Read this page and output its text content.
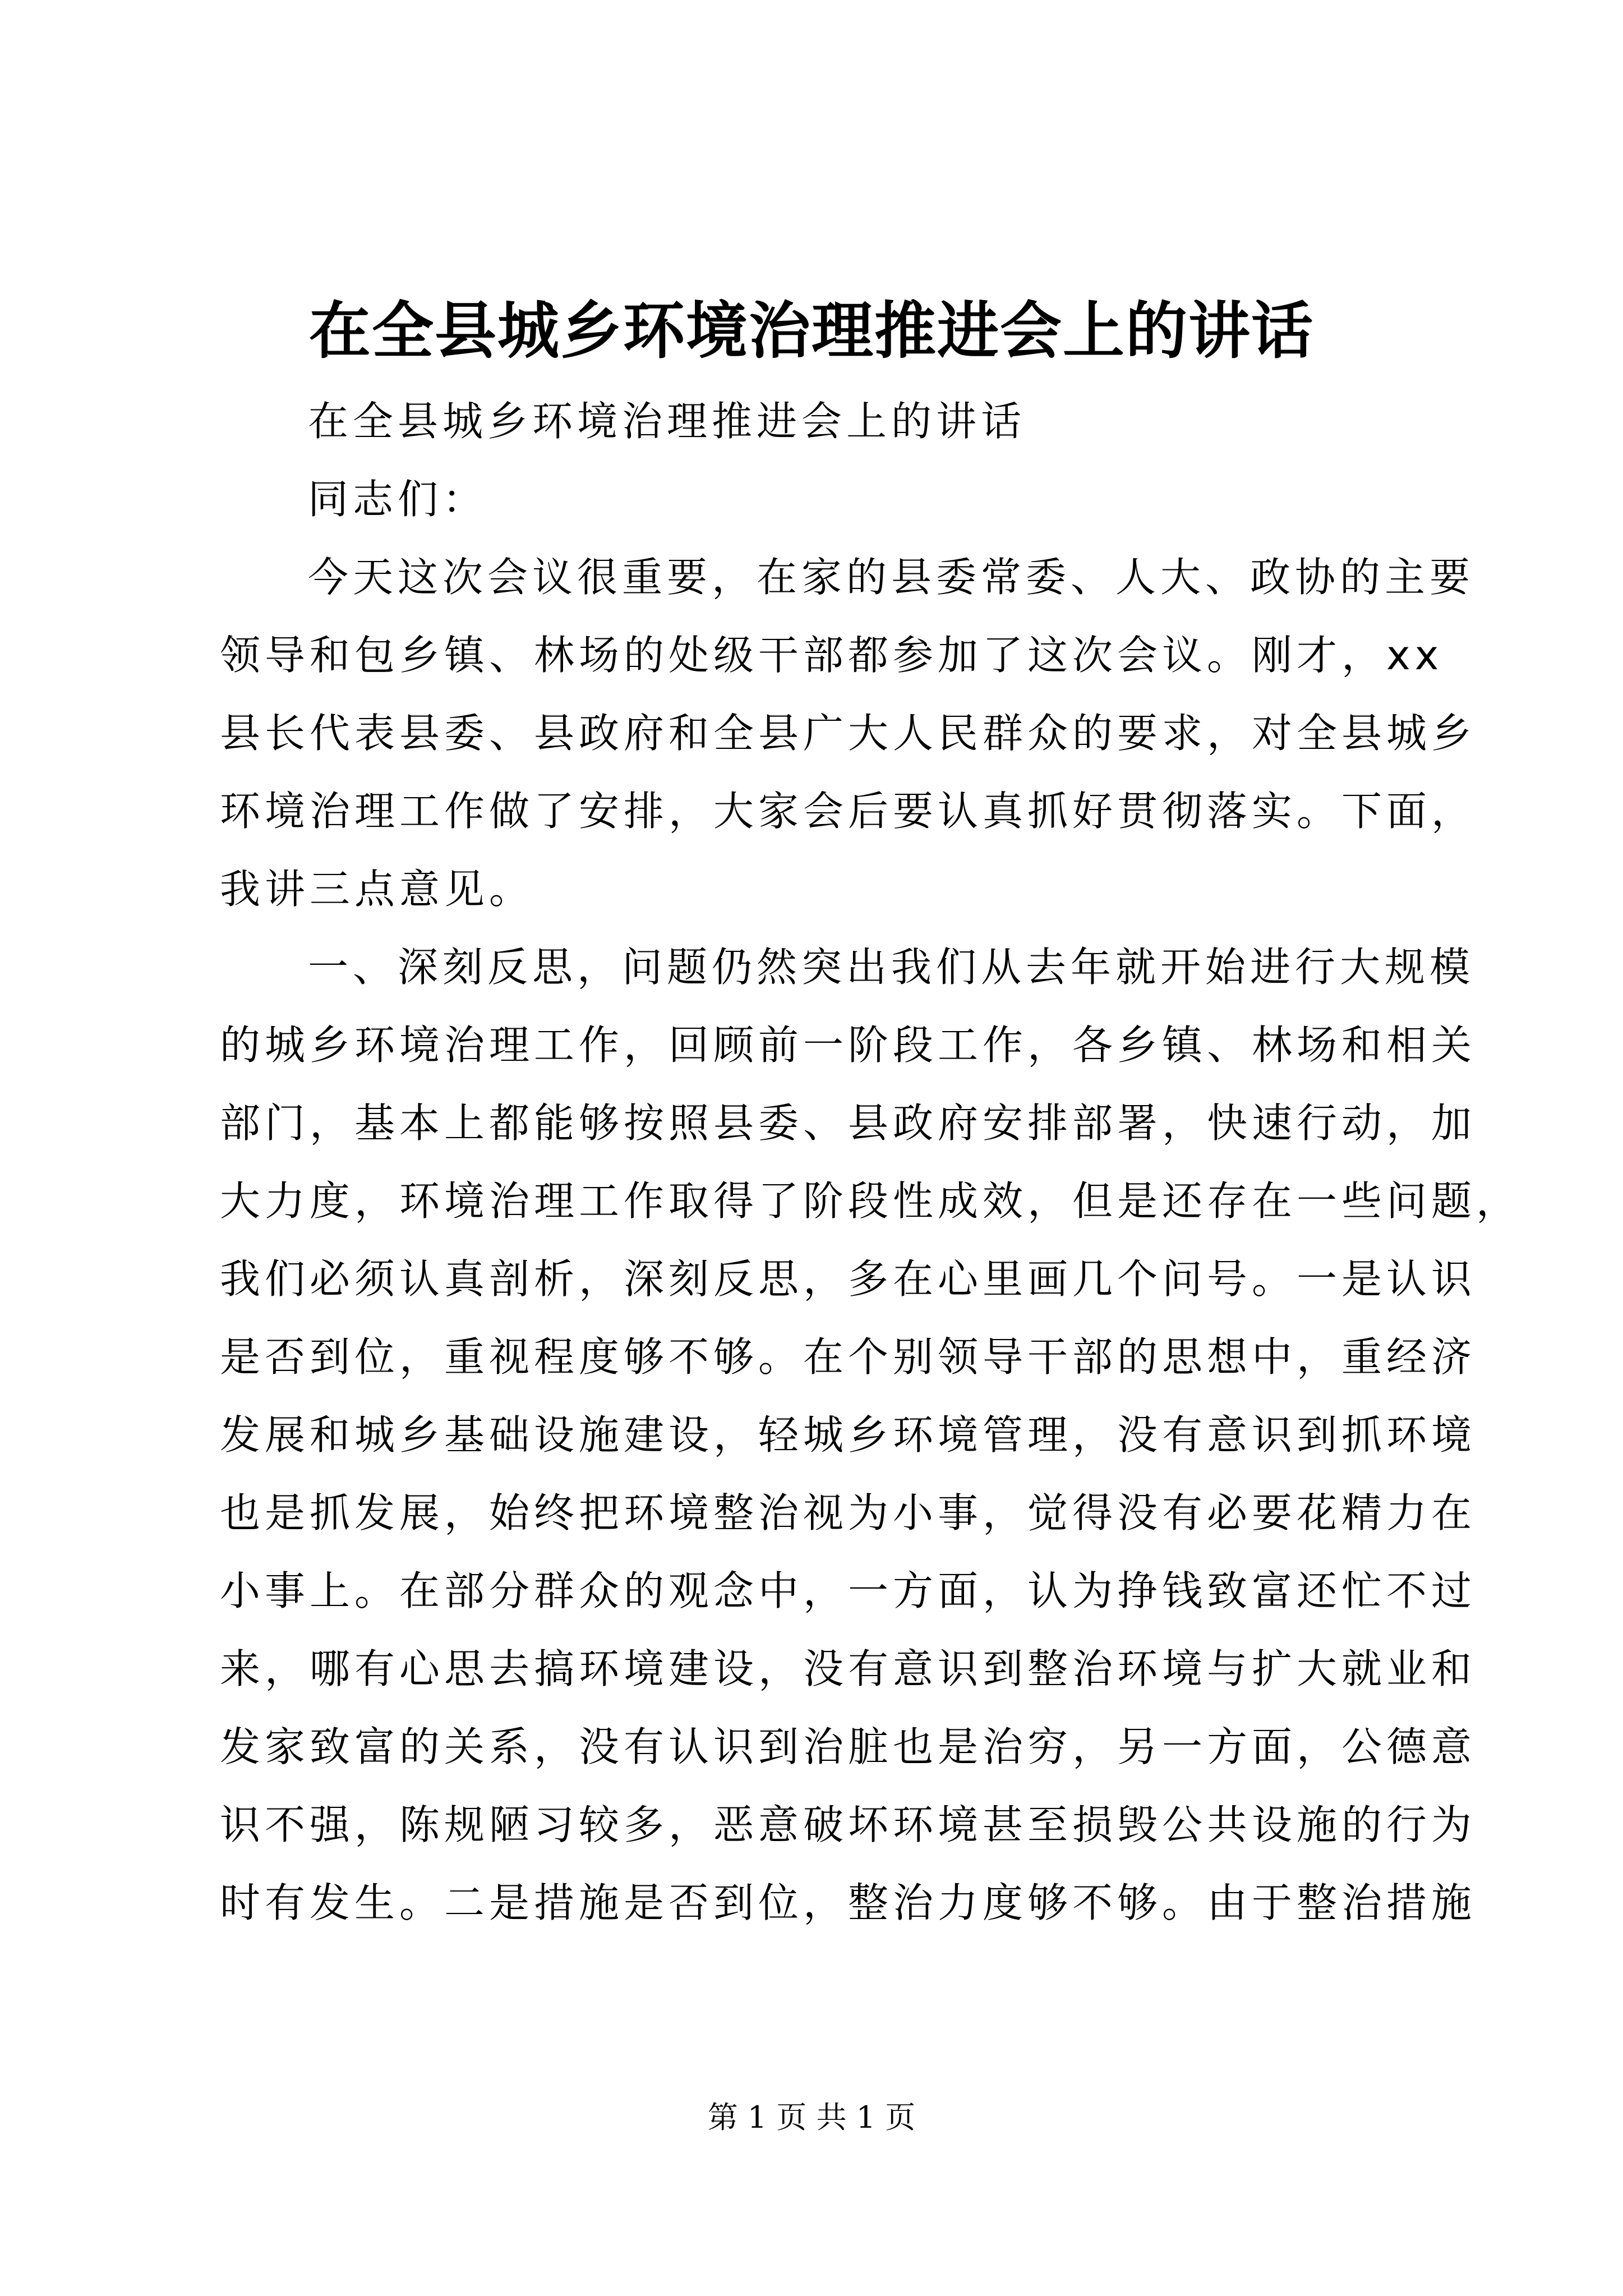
在全县城乡环境治理推进会上的讲话
在全县城乡环境治理推进会上的讲话
同志们：
今天这次会议很重要，在家的县委常委、人大、政协的主要
领导和包乡镇、林场的处级干部都参加了这次会议。刚才，xx
县长代表县委、县政府和全县广大人民群众的要求，对全县城乡
环境治理工作做了安排，大家会后要认真抓好贯彻落实。下面，
我讲三点意见。
一、深刻反思，问题仍然突出我们从去年就开始进行大规模
的城乡环境治理工作，回顾前一阶段工作，各乡镇、林场和相关
部门，基本上都能够按照县委、县政府安排部署，快速行动，加
大力度，环境治理工作取得了阶段性成效，但是还存在一些问题，
我们必须认真剖析，深刻反思，多在心里画几个问号。一是认识
是否到位，重视程度够不够。在个别领导干部的思想中，重经济
发展和城乡基础设施建设，轻城乡环境管理，没有意识到抓环境
也是抓发展，始终把环境整治视为小事，觉得没有必要花精力在
小事上。在部分群众的观念中，一方面，认为挣钱致富还忙不过
来，哪有心思去搞环境建设，没有意识到整治环境与扩大就业和
发家致富的关系，没有认识到治脏也是治穷，另一方面，公德意
识不强，陈规陋习较多，恶意破坏环境甚至损毁公共设施的行为
时有发生。二是措施是否到位，整治力度够不够。由于整治措施
第 1 页 共 1 页
